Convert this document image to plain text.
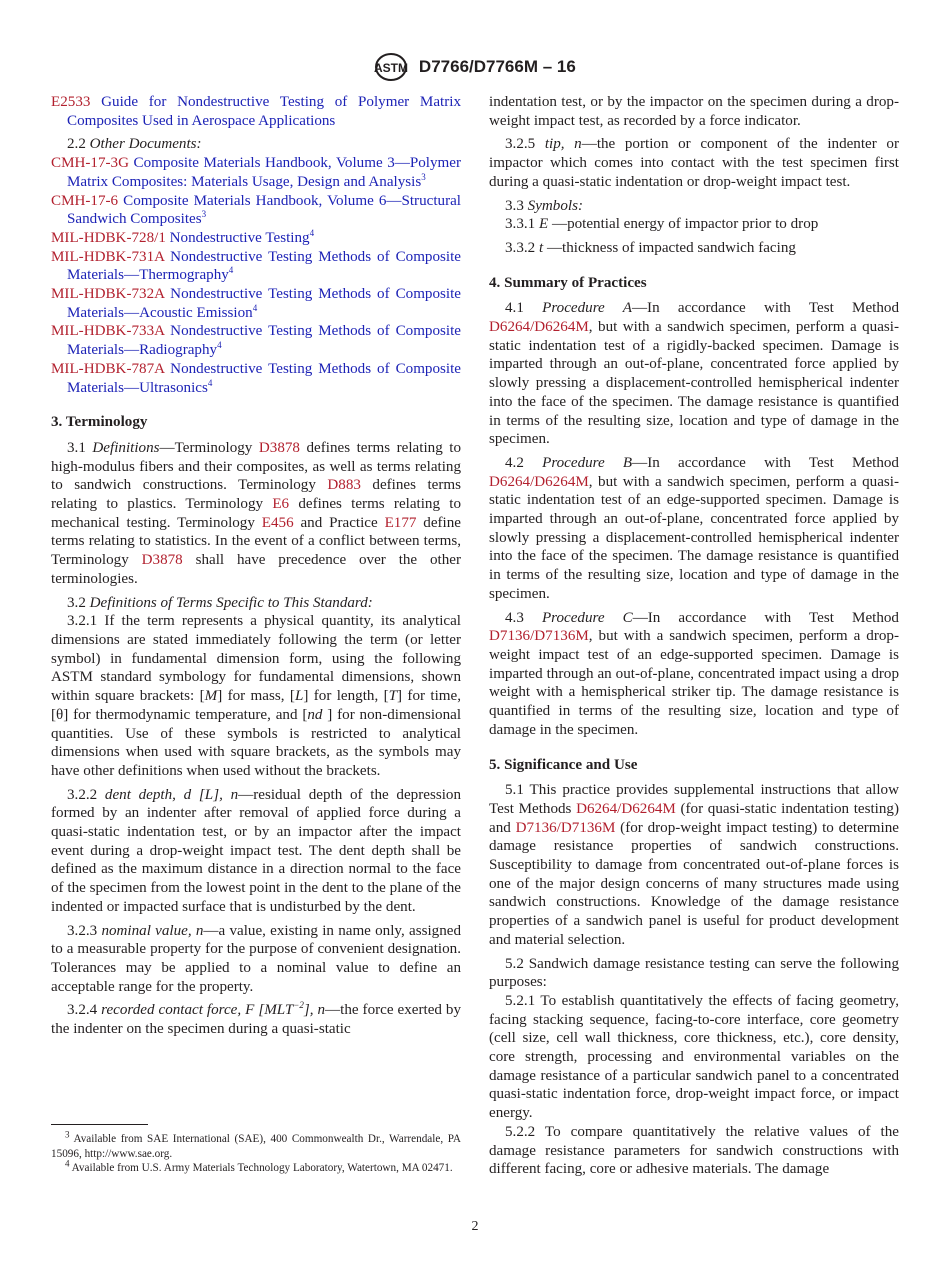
ASTM D7766/D7766M – 16

E2533 Guide for Nondestructive Testing of Polymer Matrix Composites Used in Aerospace Applications

2.2 Other Documents:

CMH-17-3G Composite Materials Handbook, Volume 3—Polymer Matrix Composites: Materials Usage, Design and Analysis$^3$

CMH-17-6 Composite Materials Handbook, Volume 6—Structural Sandwich Composites$^3$

MIL-HDBK-728/1 Nondestructive Testing$^4$

MIL-HDBK-731A Nondestructive Testing Methods of Composite Materials—Thermography$^4$

MIL-HDBK-732A Nondestructive Testing Methods of Composite Materials—Acoustic Emission$^4$

MIL-HDBK-733A Nondestructive Testing Methods of Composite Materials—Radiography$^4$

MIL-HDBK-787A Nondestructive Testing Methods of Composite Materials—Ultrasonics$^4$

3. Terminology

3.1 Definitions—Terminology D3878 defines terms relating to high-modulus fibers and their composites, as well as terms relating to sandwich constructions. Terminology D883 defines terms relating to plastics. Terminology E6 defines terms relating to mechanical testing. Terminology E456 and Practice E177 define terms relating to statistics. In the event of a conflict between terms, Terminology D3878 shall have precedence over the other terminologies.

3.2 Definitions of Terms Specific to This Standard:

3.2.1 If the term represents a physical quantity, its analytical dimensions are stated immediately following the term (or letter symbol) in fundamental dimension form, using the following ASTM standard symbology for fundamental dimensions, shown within square brackets: [M] for mass, [L] for length, [T] for time, [θ] for thermodynamic temperature, and [nd ] for non-dimensional quantities. Use of these symbols is restricted to analytical dimensions when used with square brackets, as the symbols may have other definitions when used without the brackets.

3.2.2 dent depth, d [L], n—residual depth of the depression formed by an indenter after removal of applied force during a quasi-static indentation test, or by an impactor after the impact event during a drop-weight impact test. The dent depth shall be defined as the maximum distance in a direction normal to the face of the specimen from the lowest point in the dent to the plane of the indented or impacted surface that is undisturbed by the dent.

3.2.3 nominal value, n—a value, existing in name only, assigned to a measurable property for the purpose of convenient designation. Tolerances may be applied to a nominal value to define an acceptable range for the property.

3.2.4 recorded contact force, F $[MLT^{-2}]$, n—the force exerted by the indenter on the specimen during a quasi-static

indentation test, or by the impactor on the specimen during a drop-weight impact test, as recorded by a force indicator.

3.2.5 tip, n—the portion or component of the indenter or impactor which comes into contact with the test specimen first during a quasi-static indentation or drop-weight impact test.

3.3 Symbols:

3.3.1 E —potential energy of impactor prior to drop

3.3.2 t —thickness of impacted sandwich facing

4. Summary of Practices

4.1 Procedure A—In accordance with Test Method D6264/D6264M, but with a sandwich specimen, perform a quasi-static indentation test of a rigidly-backed specimen. Damage is imparted through an out-of-plane, concentrated force applied by slowly pressing a displacement-controlled hemispherical indenter into the face of the specimen. The damage resistance is quantified in terms of the resulting size, location and type of damage in the specimen.

4.2 Procedure B—In accordance with Test Method D6264/D6264M, but with a sandwich specimen, perform a quasi-static indentation test of an edge-supported specimen. Damage is imparted through an out-of-plane, concentrated force applied by slowly pressing a displacement-controlled hemispherical indenter into the face of the specimen. The damage resistance is quantified in terms of the resulting size, location and type of damage in the specimen.

4.3 Procedure C—In accordance with Test Method D7136/D7136M, but with a sandwich specimen, perform a drop-weight impact test of an edge-supported specimen. Damage is imparted through an out-of-plane, concentrated impact using a drop weight with a hemispherical striker tip. The damage resistance is quantified in terms of the resulting size, location and type of damage in the specimen.

5. Significance and Use

5.1 This practice provides supplemental instructions that allow Test Methods D6264/D6264M (for quasi-static indentation testing) and D7136/D7136M (for drop-weight impact testing) to determine damage resistance properties of sandwich constructions. Susceptibility to damage from concentrated out-of-plane forces is one of the major design concerns of many structures made using sandwich constructions. Knowledge of the damage resistance properties of a sandwich panel is useful for product development and material selection.

5.2 Sandwich damage resistance testing can serve the following purposes:

5.2.1 To establish quantitatively the effects of facing geometry, facing stacking sequence, facing-to-core interface, core geometry (cell size, cell wall thickness, core thickness, etc.), core density, core strength, processing and environmental variables on the damage resistance of a particular sandwich panel to a concentrated quasi-static indentation force, drop-weight impact force, or impact energy.

5.2.2 To compare quantitatively the relative values of the damage resistance parameters for sandwich constructions with different facing, core or adhesive materials. The damage

$^3$ Available from SAE International (SAE), 400 Commonwealth Dr., Warrendale, PA 15096, http://www.sae.org.

$^4$ Available from U.S. Army Materials Technology Laboratory, Watertown, MA 02471.

2
